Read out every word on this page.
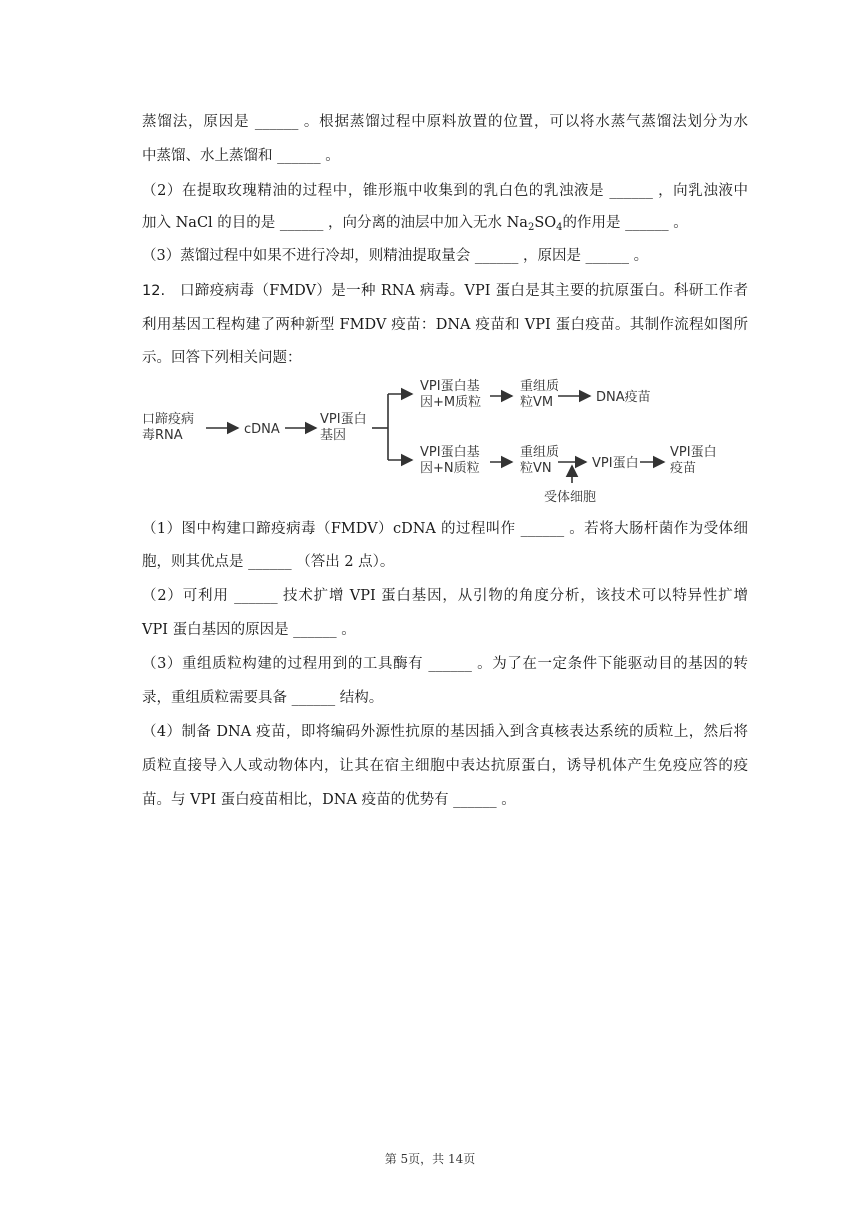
蒸馏法，原因是 ______ 。根据蒸馏过程中原料放置的位置，可以将水蒸气蒸馏法划分为水
中蒸馏、水上蒸馏和 ______ 。
（2）在提取玫瑰精油的过程中，锥形瓶中收集到的乳白色的乳浊液是 ______ ，向乳浊液中
加入 NaCl 的目的是 ______ ，向分离的油层中加入无水 $Na_2SO_4$的作用是 ______ 。
（3）蒸馏过程中如果不进行冷却，则精油提取量会 ______ ，原因是 ______ 。
12. 口蹄疫病毒（FMDV）是一种 RNA 病毒。VPI 蛋白是其主要的抗原蛋白。科研工作者
利用基因工程构建了两种新型 FMDV 疫苗：DNA 疫苗和 VPI 蛋白疫苗。其制作流程如图所
示。回答下列相关问题：
口蹄疫病
毒RNA	cDNA
VPI蛋白
基因
VPI蛋白基
因+M质粒
重组质
粒VM	DNA疫苗
VPI蛋白基
因+N质粒
重组质
粒VN	VPI蛋白
VPI蛋白
疫苗
受体细胞
（1）图中构建口蹄疫病毒（FMDV）cDNA 的过程叫作 ______ 。若将大肠杆菌作为受体细
胞，则其优点是 ______ （答出 2 点）。
（2）可利用 ______ 技术扩增 VPI 蛋白基因，从引物的角度分析，该技术可以特异性扩增
VPI 蛋白基因的原因是 ______ 。
（3）重组质粒构建的过程用到的工具酶有 ______ 。为了在一定条件下能驱动目的基因的转
录，重组质粒需要具备 ______ 结构。
（4）制备 DNA 疫苗，即将编码外源性抗原的基因插入到含真核表达系统的质粒上，然后将
质粒直接导入人或动物体内，让其在宿主细胞中表达抗原蛋白，诱导机体产生免疫应答的疫
苗。与 VPI 蛋白疫苗相比，DNA 疫苗的优势有 ______ 。
第 5页，共 14页
